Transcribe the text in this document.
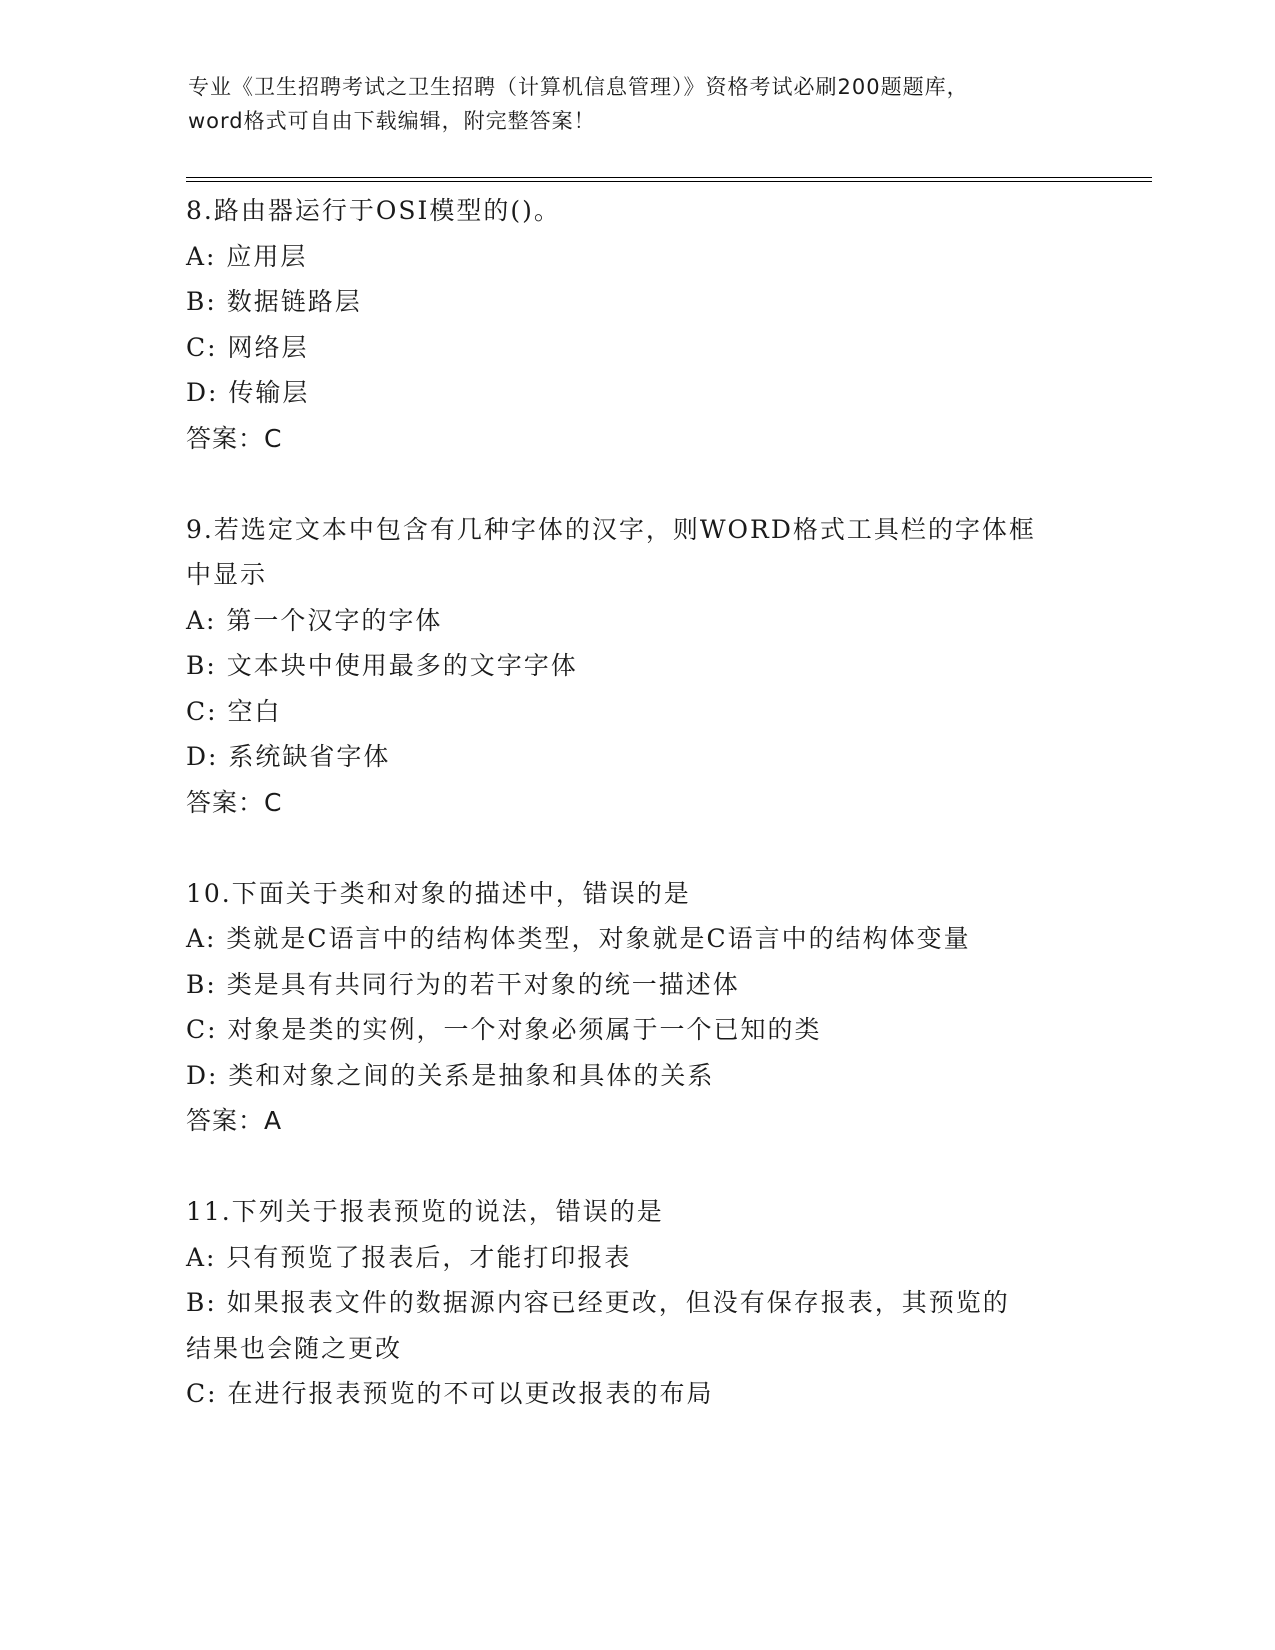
专业《卫生招聘考试之卫生招聘（计算机信息管理）》资格考试必刷200题题库，

word格式可自由下载编辑，附完整答案！

8.路由器运行于OSI模型的()。

A: 应用层

B: 数据链路层

C: 网络层

D: 传输层

答案：C

9.若选定文本中包含有几种字体的汉字，则WORD格式工具栏的字体框

中显示

A: 第一个汉字的字体

B: 文本块中使用最多的文字字体

C: 空白

D: 系统缺省字体

答案：C

10.下面关于类和对象的描述中，错误的是

A: 类就是C语言中的结构体类型，对象就是C语言中的结构体变量

B: 类是具有共同行为的若干对象的统一描述体

C: 对象是类的实例，一个对象必须属于一个已知的类

D: 类和对象之间的关系是抽象和具体的关系

答案：A

11.下列关于报表预览的说法，错误的是

A: 只有预览了报表后，才能打印报表

B: 如果报表文件的数据源内容已经更改，但没有保存报表，其预览的

结果也会随之更改

C: 在进行报表预览的不可以更改报表的布局
